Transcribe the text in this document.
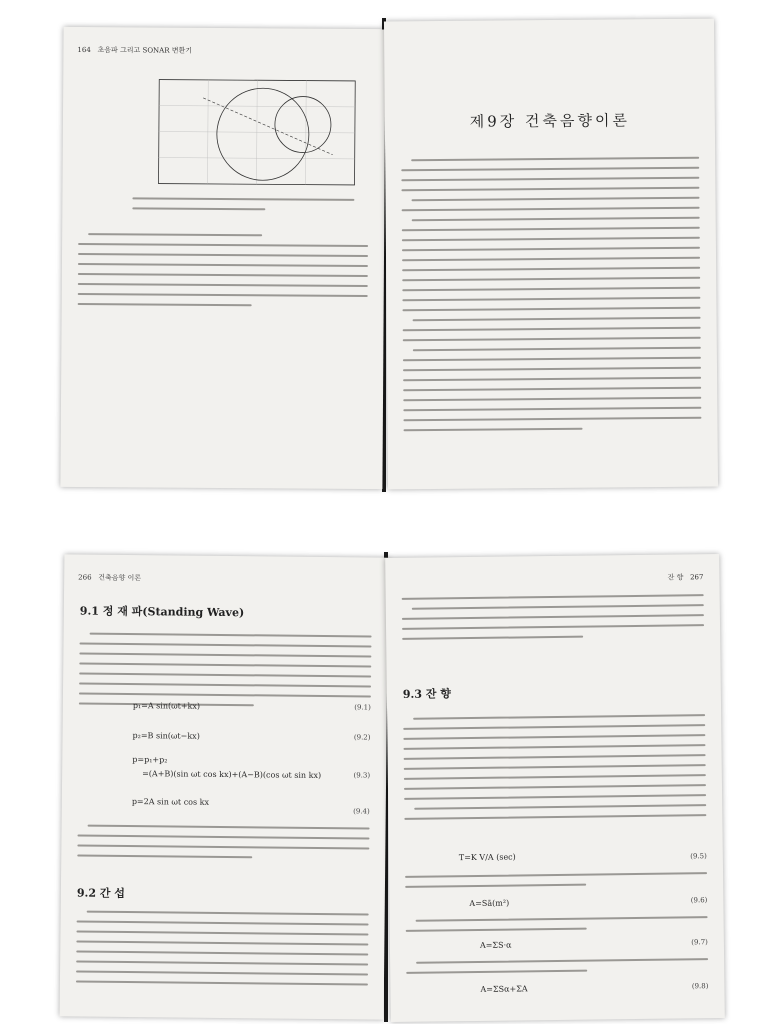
164 초음파 그리고 SONAR 변환기
제9장 건축음향이론
266 건축음향 이론
9.1 정 재 파(Standing Wave)
p₁=A sin(ωt+kx)	(9.1)
p₂=B sin(ωt−kx)	(9.2)
p=p₁+p₂
=(A+B)(sin ωt cos kx)+(A−B)(cos ωt sin kx)	(9.3)
p=2A sin ωt cos kx
(9.4)
9.2 간 섭
잔 향 267
9.3 잔 향
T=K V/A (sec)	(9.5)
A=Sā(m²)	(9.6)
A=ΣS·α	(9.7)
A=ΣSα+ΣA	(9.8)
